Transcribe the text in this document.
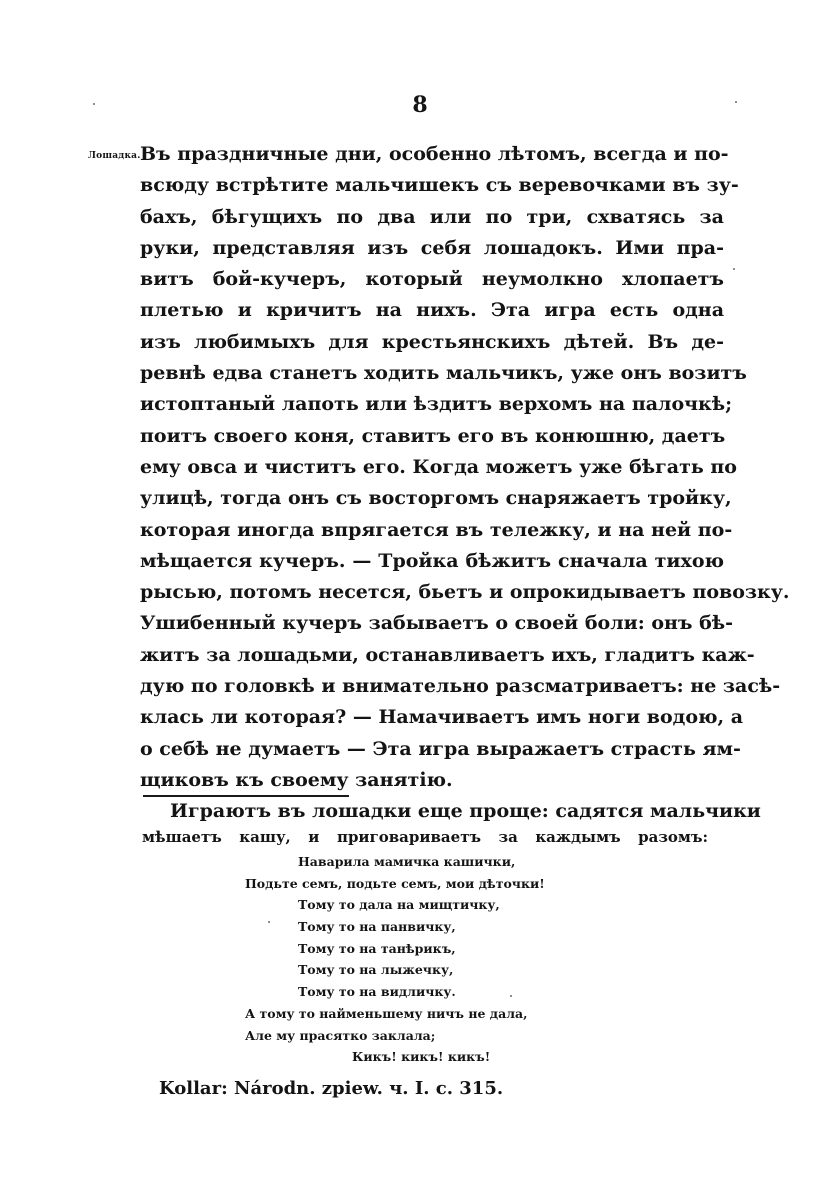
8
Лошадка. Въ праздничные дни, особенно лѣтомъ, всегда и по-
всюду встрѣтите мальчишекъ съ веревочками въ зу-
бахъ, бѣгущихъ по два или по три, схватясь за
руки, представляя изъ себя лошадокъ. Ими пра-
витъ бой-кучеръ, который неумолкно хлопаетъ
плетью и кричитъ на нихъ. Эта игра есть одна
изъ любимыхъ для крестьянскихъ дѣтей. Въ де-
ревнѣ едва станетъ ходить мальчикъ, уже онъ возитъ
истоптаный лапоть или ѣздитъ верхомъ на палочкѣ;
поитъ своего коня, ставитъ его въ конюшню, даетъ
ему овса и чиститъ его. Когда можетъ уже бѣгать по
улицѣ, тогда онъ съ восторгомъ снаряжаетъ тройку,
которая иногда впрягается въ тележку, и на ней по-
мѣщается кучеръ. — Тройка бѣжитъ сначала тихою
рысью, потомъ несется, бьетъ и опрокидываетъ повозку.
Ушибенный кучеръ забываетъ о своей боли: онъ бѣ-
житъ за лошадьми, останавливаетъ ихъ, гладитъ каж-
дую по головкѣ и внимательно разсматриваетъ: не засѣ-
клась ли которая? — Намачиваетъ имъ ноги водою, а
о себѣ не думаетъ — Эта игра выражаетъ страсть ям-
щиковъ къ своему занятію.
Играютъ въ лошадки еще проще: садятся мальчики
мѣшаетъ кашу, и приговариваетъ за каждымъ разомъ:
Наварила мамичка кашички,
Подьте семъ, подьте семъ, мои дѣточки!
Тому то дала на мищтичку,
Тому то на панвичку,
Тому то на танѣрикъ,
Тому то на лыжечку,
Тому то на видличку.
А тому то найменьшему ничъ не дала,
Але му прасятко заклала;
Кикъ! кикъ! кикъ!
Kollar: Národn. zpiew. ч. I. с. 315.
